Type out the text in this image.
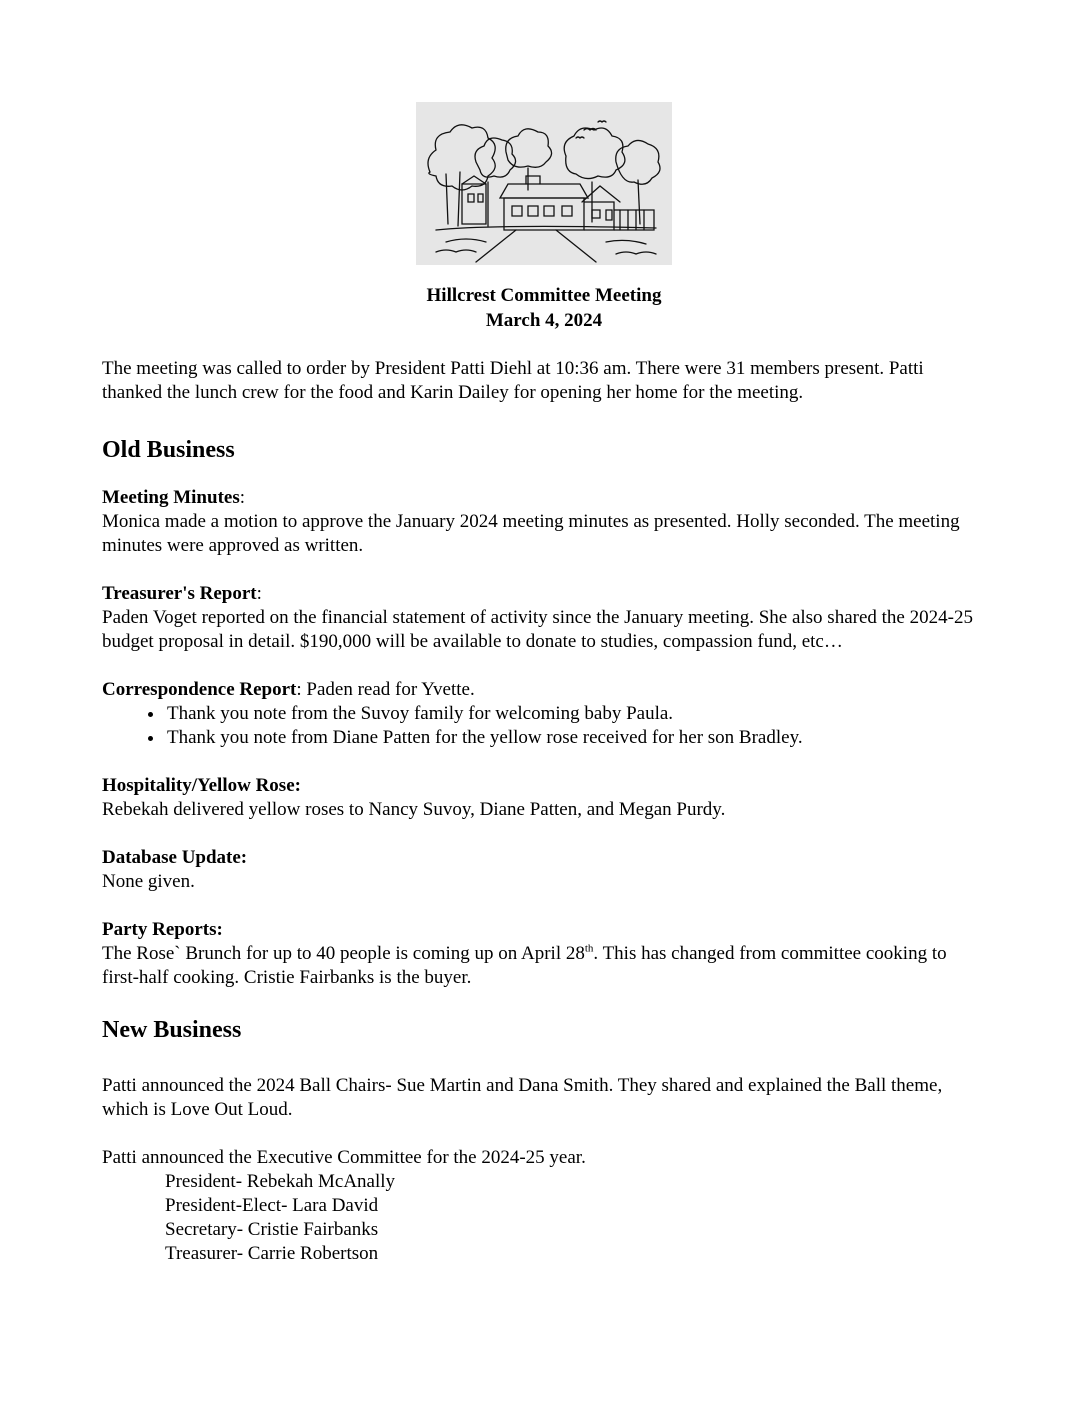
Hillcrest Committee Meeting
March 4, 2024

The meeting was called to order by President Patti Diehl at 10:36 am. There were 31 members present. Patti thanked the lunch crew for the food and Karin Dailey for opening her home for the meeting.

Old Business

Meeting Minutes:

Monica made a motion to approve the January 2024 meeting minutes as presented. Holly seconded. The meeting minutes were approved as written.

Treasurer's Report:

Paden Voget reported on the financial statement of activity since the January meeting. She also shared the 2024-25 budget proposal in detail. $190,000 will be available to donate to studies, compassion fund, etc…

Correspondence Report: Paden read for Yvette.

• Thank you note from the Suvoy family for welcoming baby Paula.
• Thank you note from Diane Patten for the yellow rose received for her son Bradley.

Hospitality/Yellow Rose:

Rebekah delivered yellow roses to Nancy Suvoy, Diane Patten, and Megan Purdy.

Database Update:

None given.

Party Reports:

The Rose` Brunch for up to 40 people is coming up on April 28th. This has changed from committee cooking to first-half cooking. Cristie Fairbanks is the buyer.

New Business

Patti announced the 2024 Ball Chairs- Sue Martin and Dana Smith. They shared and explained the Ball theme, which is Love Out Loud.

Patti announced the Executive Committee for the 2024-25 year.

President- Rebekah McAnally
President-Elect- Lara David
Secretary- Cristie Fairbanks
Treasurer- Carrie Robertson
